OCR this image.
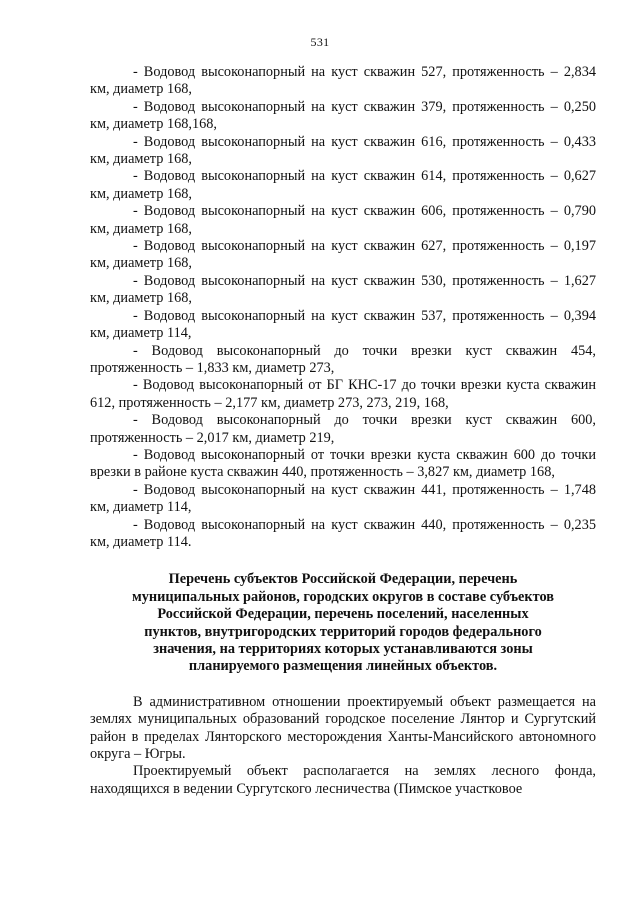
531

- Водовод высоконапорный на куст скважин 527, протяженность – 2,834 км, диаметр 168,

- Водовод высоконапорный на куст скважин 379, протяженность – 0,250 км, диаметр 168,168,

- Водовод высоконапорный на куст скважин 616, протяженность – 0,433 км, диаметр 168,

- Водовод высоконапорный на куст скважин 614, протяженность – 0,627 км, диаметр 168,

- Водовод высоконапорный на куст скважин 606, протяженность – 0,790 км, диаметр 168,

- Водовод высоконапорный на куст скважин 627, протяженность – 0,197 км, диаметр 168,

- Водовод высоконапорный на куст скважин 530, протяженность – 1,627 км, диаметр 168,

- Водовод высоконапорный на куст скважин 537, протяженность – 0,394 км, диаметр 114,

- Водовод высоконапорный до точки врезки куст скважин 454, протяженность – 1,833 км, диаметр 273,

- Водовод высоконапорный от БГ КНС-17 до точки врезки куста скважин 612, протяженность – 2,177 км, диаметр 273, 273, 219, 168,

- Водовод высоконапорный до точки врезки куст скважин 600, протяженность – 2,017 км, диаметр 219,

- Водовод высоконапорный от точки врезки куста скважин 600 до точки врезки в районе куста скважин 440, протяженность – 3,827 км, диаметр 168,

- Водовод высоконапорный на куст скважин 441, протяженность – 1,748 км, диаметр 114,

- Водовод высоконапорный на куст скважин 440, протяженность – 0,235 км, диаметр 114.

Перечень субъектов Российской Федерации, перечень
муниципальных районов, городских округов в составе субъектов
Российской Федерации, перечень поселений, населенных
пунктов, внутригородских территорий городов федерального
значения, на территориях которых устанавливаются зоны
планируемого размещения линейных объектов.

В административном отношении проектируемый объект размещается на землях муниципальных образований городское поселение Лянтор и Сургутский район в пределах Лянторского месторождения Ханты-Мансийского автономного округа – Югры.

Проектируемый объект располагается на землях лесного фонда, находящихся в ведении Сургутского лесничества (Пимское участковое
